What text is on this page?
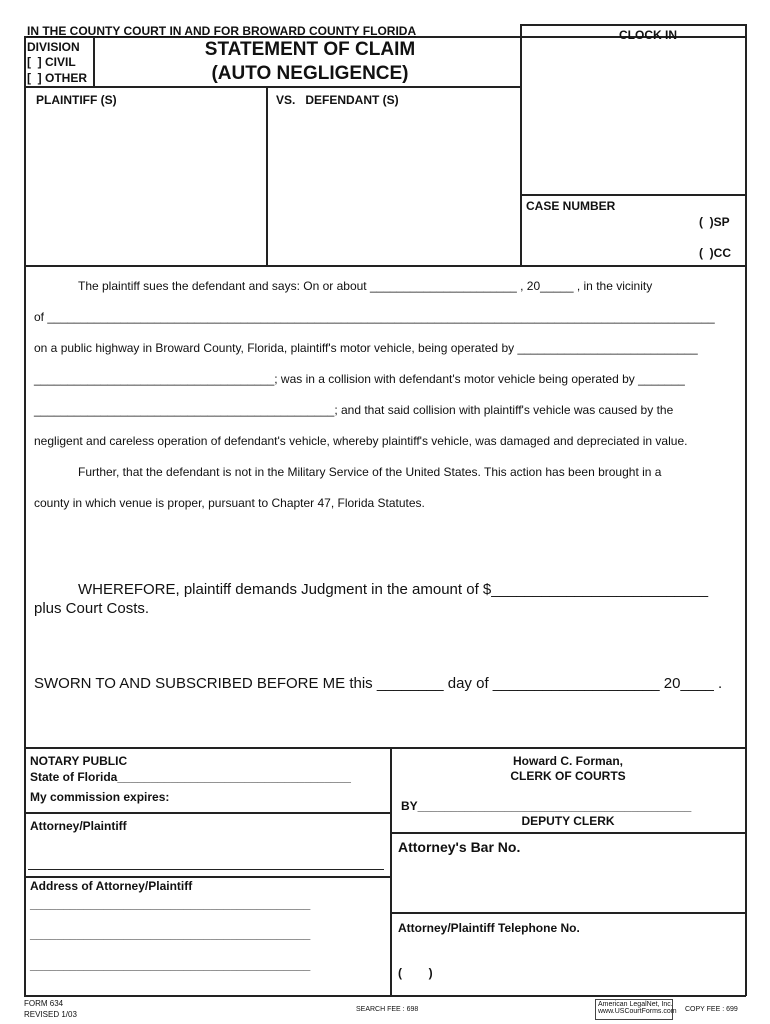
IN THE COUNTY COURT IN AND FOR BROWARD COUNTY FLORIDA
DIVISION
[  ] CIVIL
[  ] OTHER
STATEMENT OF CLAIM
(AUTO NEGLIGENCE)
CLOCK IN
PLAINTIFF (S)	VS.   DEFENDANT (S)
CASE NUMBER
(  )SP
(  )CC
The plaintiff sues the defendant and says: On or about ______________________ , 20_____ , in the vicinity
of ____________________________________________________________________________________________________
on a public highway in Broward County, Florida, plaintiff's motor vehicle, being operated by ___________________________
____________________________________; was in a collision with defendant's motor vehicle being operated by _______
_____________________________________________; and that said collision with plaintiff's vehicle was caused by the
negligent and careless operation of defendant's vehicle, whereby plaintiff's vehicle, was damaged and depreciated in value.
Further, that the defendant is not in the Military Service of the United States. This action has been brought in a
county in which venue is proper, pursuant to Chapter 47, Florida Statutes.
WHEREFORE, plaintiff demands Judgment in the amount of $__________________________
plus Court Costs.
SWORN TO AND SUBSCRIBED BEFORE ME this ________ day of ____________________ 20____ .
NOTARY PUBLIC
State of Florida___________________________________
My commission expires:
Attorney/Plaintiff
Address of Attorney/Plaintiff
__________________________________________
__________________________________________
__________________________________________
Howard C. Forman,
CLERK OF COURTS
BY_________________________________________
DEPUTY CLERK
Attorney's Bar No.
Attorney/Plaintiff Telephone No.
(        )
FORM 634
REVISED 1/03
SEARCH FEE : 698
American LegalNet, Inc.
www.USCourtForms.com COPY FEE : 699
